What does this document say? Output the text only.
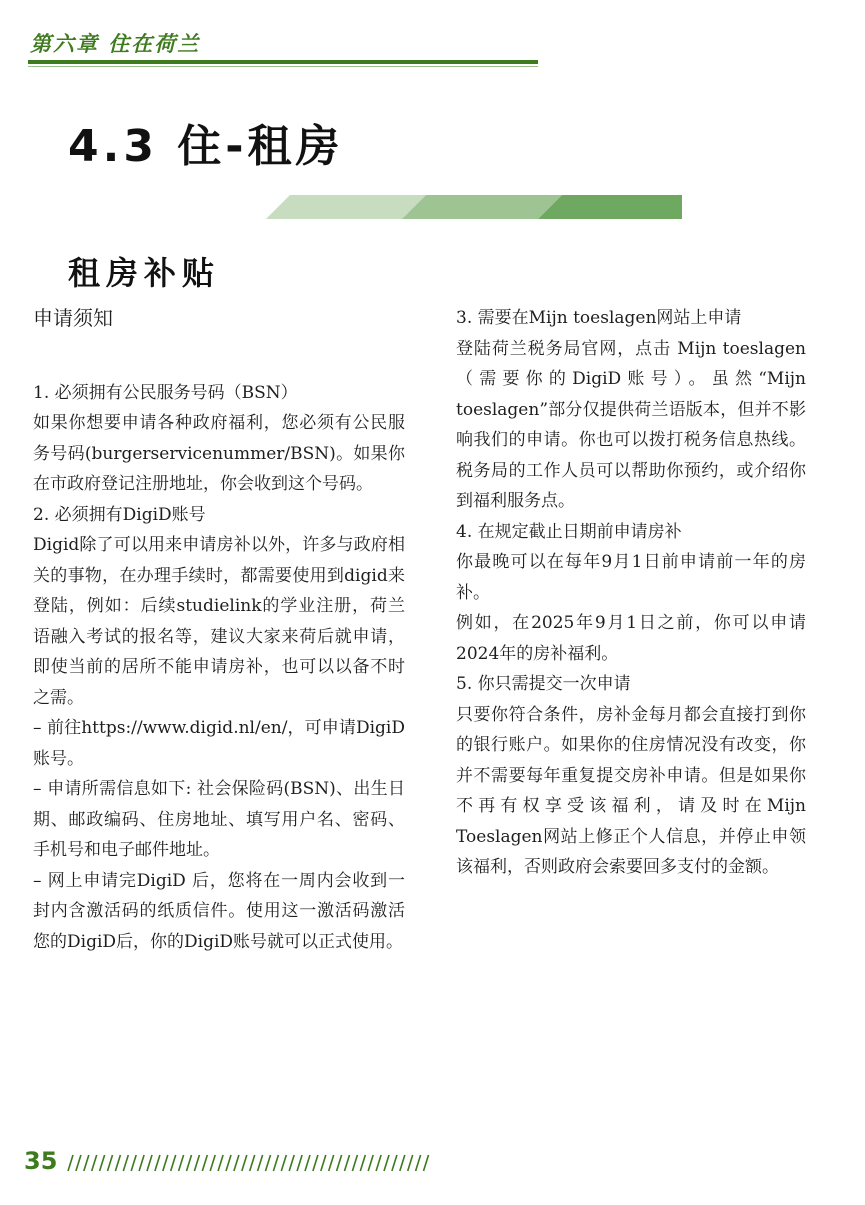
第六章 住在荷兰
4.3 住-租房
租房补贴

申请须知

1. 必须拥有公民服务号码（BSN）

如果你想要申请各种政府福利，您必须有公民服务号码(burgerservicenummer/BSN)。如果你在市政府登记注册地址，你会收到这个号码。

2. 必须拥有DigiD账号

Digid除了可以用来申请房补以外，许多与政府相关的事物，在办理手续时，都需要使用到digid来登陆，例如：后续studielink的学业注册，荷兰语融入考试的报名等，建议大家来荷后就申请，即使当前的居所不能申请房补，也可以以备不时之需。

– 前往https://www.digid.nl/en/，可申请DigiD账号。

– 申请所需信息如下: 社会保险码(BSN)、出生日期、邮政编码、住房地址、填写用户名、密码、手机号和电子邮件地址。

– 网上申请完DigiD 后，您将在一周内会收到一封内含激活码的纸质信件。使用这一激活码激活您的DigiD后，你的DigiD账号就可以正式使用。

3. 需要在Mijn toeslagen网站上申请

登陆荷兰税务局官网，点击 Mijn toeslagen（需要你的DigiD账号）。虽然“Mijn toeslagen”部分仅提供荷兰语版本，但并不影响我们的申请。你也可以拨打税务信息热线。税务局的工作人员可以帮助你预约，或介绍你到福利服务点。

4. 在规定截止日期前申请房补

你最晚可以在每年9月1日前申请前一年的房补。

例如，在2025年9月1日之前，你可以申请2024年的房补福利。

5. 你只需提交一次申请

只要你符合条件，房补金每月都会直接打到你的银行账户。如果你的住房情况没有改变，你并不需要每年重复提交房补申请。但是如果你不再有权享受该福利，请及时在Mijn Toeslagen网站上修正个人信息，并停止申领该福利，否则政府会索要回多支付的金额。

35
